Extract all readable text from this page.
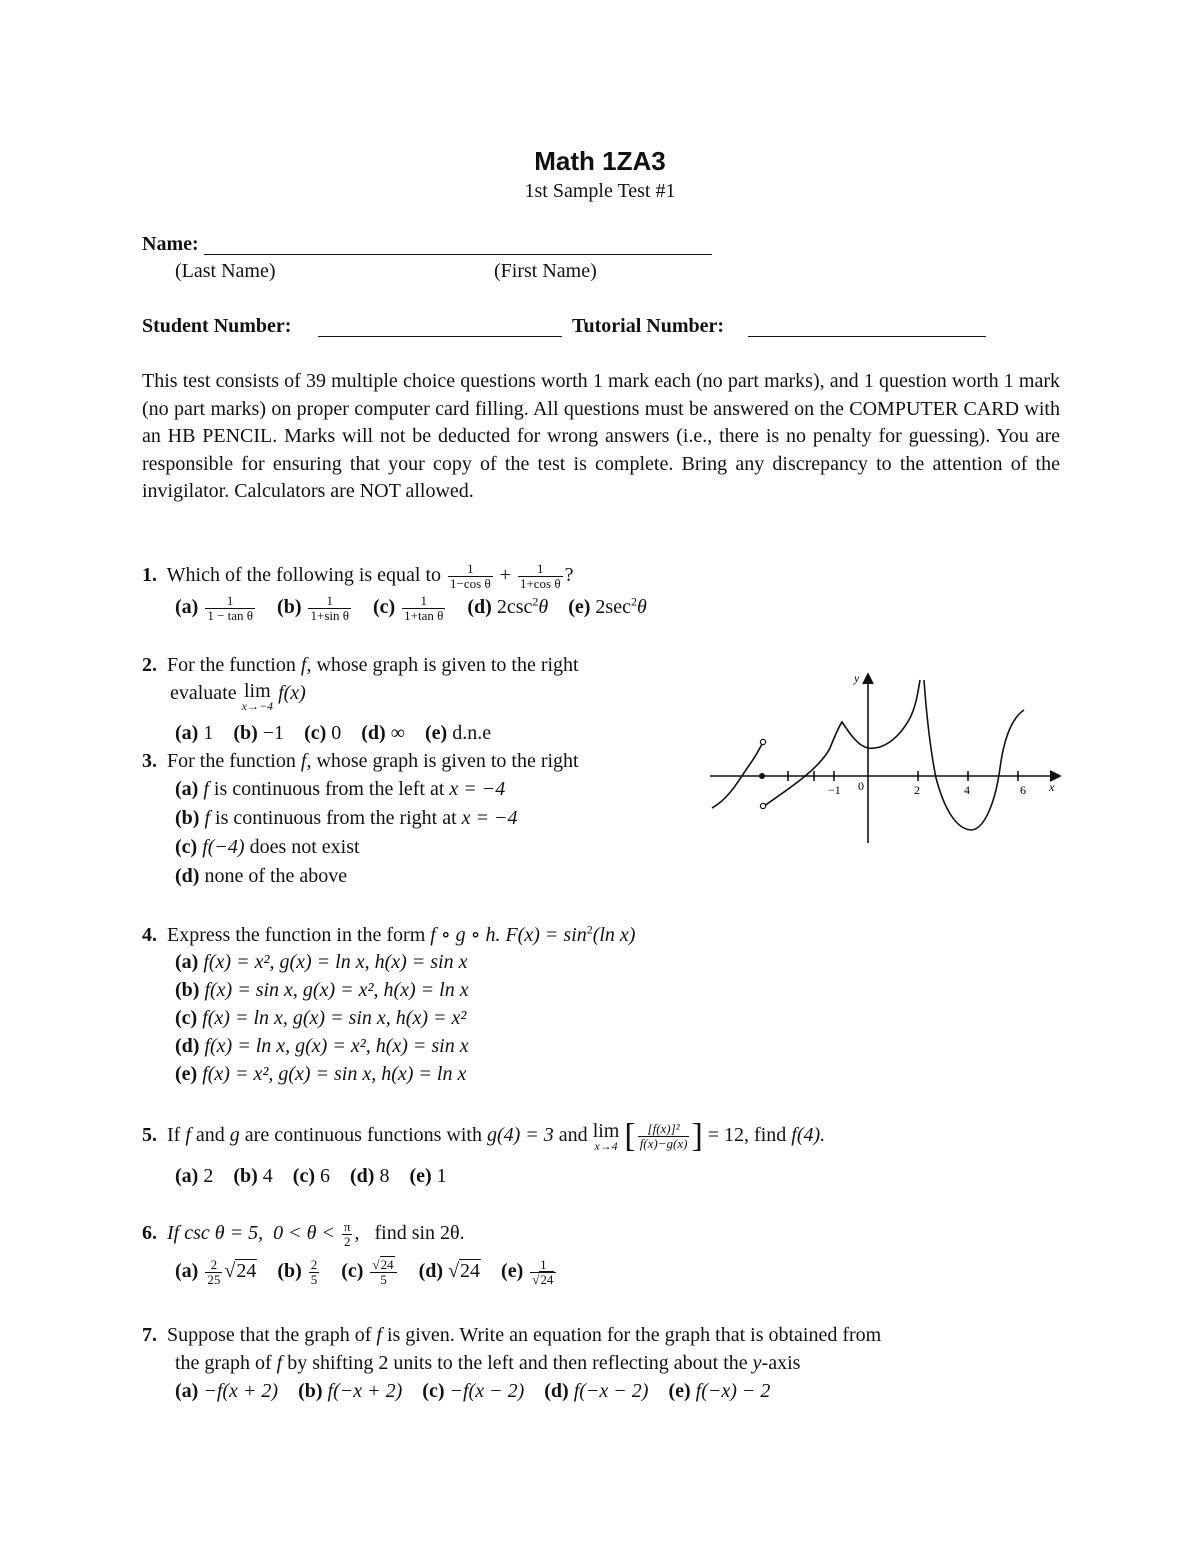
Math 1ZA3
1st Sample Test #1
Name:
(Last Name)	(First Name)
Student Number:	Tutorial Number:
This test consists of 39 multiple choice questions worth 1 mark each (no part marks), and 1 question worth 1 mark (no part marks) on proper computer card filling. All questions must be answered on the COMPUTER CARD with an HB PENCIL. Marks will not be deducted for wrong answers (i.e., there is no penalty for guessing). You are responsible for ensuring that your copy of the test is complete. Bring any discrepancy to the attention of the invigilator. Calculators are NOT allowed.
1. Which of the following is equal to $\frac{1}{\text{1−cos θ}} + \frac{1}{\text{1+cos θ}}$ ?
$(a) \frac{1}{\text{1 − tan θ}} (b) \frac{1}{\text{1+sin θ}} (c) \frac{1}{\text{1+tan θ}} (d)$ $2\csc^2\theta$ (e) $2\sec^2\theta$
2. For the function f, whose graph is given to the right
evaluate lim
x→−4
f(x)
(a) 1 (b) −1 (c) 0 (d) ∞ (e) d.n.e
3. For the function f, whose graph is given to the right
(a) f is continuous from the left at x = −4
(b) f is continuous from the right at x = −4
(c) f(−4) does not exist
(d) none of the above
y
x
−1 0	2	4	6
4. Express the function in the form f ∘ g ∘ h. $F(x) = \sin^2(\ln$ x)
(a) f(x) = x², g(x) = ln x, h(x) = sin x
(b) f(x) = sin x, g(x) = x², h(x) = ln x
(c) f(x) = ln x, g(x) = sin x, h(x) = x²
(d) f(x) = ln x, g(x) = x², h(x) = sin x
(e) f(x) = x², g(x) = sin x, h(x) = ln x
5. If f and g are continuous functions with g(4) = 3 and lim
x→4 [ $\frac{\text{[f(x)]²}}{f(x)-g(x)}$ ] = 12, find f(4).
(a) 2 (b) 4 (c) 6 (d) 8 (e) 1
6. If csc θ = 5, $0 < \theta < \frac{\pi}{2}$ , find sin 2θ.
$(a) \frac{2}{25} √24$ $(b) \frac{2}{5} (c) \frac{√24}{5} (d)$ √24 $(e) \frac{1}{√24}$
7. Suppose that the graph of f is given. Write an equation for the graph that is obtained from
the graph of f by shifting 2 units to the left and then reflecting about the y-axis
(a) −f(x + 2) (b) f(−x + 2) (c) −f(x − 2) (d) f(−x − 2) (e) f(−x) − 2
